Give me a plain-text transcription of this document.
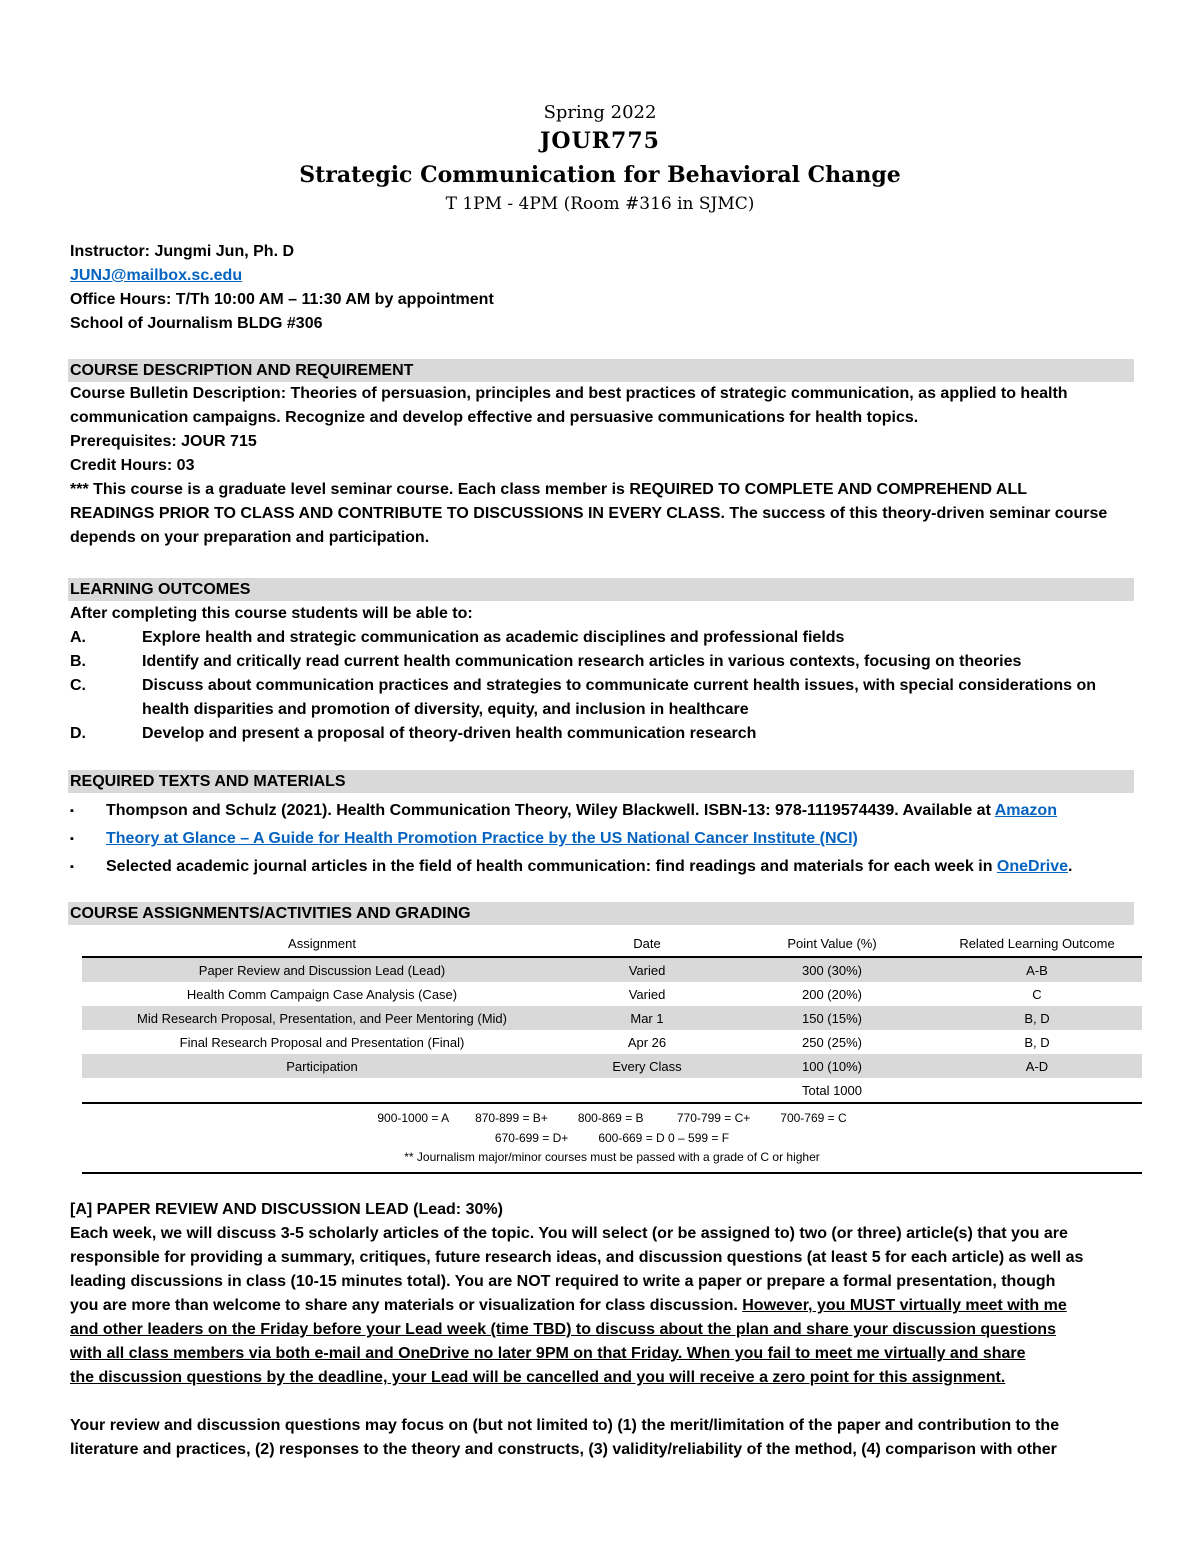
Spring 2022
JOUR775
Strategic Communication for Behavioral Change
T 1PM - 4PM (Room #316 in SJMC)
Instructor: Jungmi Jun, Ph. D
JUNJ@mailbox.sc.edu
Office Hours: T/Th 10:00 AM – 11:30 AM by appointment
School of Journalism BLDG #306
COURSE DESCRIPTION AND REQUIREMENT
Course Bulletin Description: Theories of persuasion, principles and best practices of strategic communication, as applied to health
communication campaigns. Recognize and develop effective and persuasive communications for health topics.
Prerequisites: JOUR 715
Credit Hours: 03
*** This course is a graduate level seminar course. Each class member is REQUIRED TO COMPLETE AND COMPREHEND ALL
READINGS PRIOR TO CLASS AND CONTRIBUTE TO DISCUSSIONS IN EVERY CLASS. The success of this theory-driven seminar course
depends on your preparation and participation.
LEARNING OUTCOMES
After completing this course students will be able to:
A.	Explore health and strategic communication as academic disciplines and professional fields
B.	Identify and critically read current health communication research articles in various contexts, focusing on theories
C.	Discuss about communication practices and strategies to communicate current health issues, with special considerations on
health disparities and promotion of diversity, equity, and inclusion in healthcare
D.	Develop and present a proposal of theory-driven health communication research
REQUIRED TEXTS AND MATERIALS
▪	Thompson and Schulz (2021). Health Communication Theory, Wiley Blackwell. ISBN-13: 978-1119574439. Available at Amazon
▪	Theory at Glance – A Guide for Health Promotion Practice by the US National Cancer Institute (NCI)
▪	Selected academic journal articles in the field of health communication: find readings and materials for each week in OneDrive.
COURSE ASSIGNMENTS/ACTIVITIES AND GRADING
Assignment	Date	Point Value (%)	Related Learning Outcome
Paper Review and Discussion Lead (Lead)	Varied	300 (30%)	A-B
Health Comm Campaign Case Analysis (Case)	Varied	200 (20%)	C
Mid Research Proposal, Presentation, and Peer Mentoring (Mid)	Mar 1	150 (15%)	B, D
Final Research Proposal and Presentation (Final)	Apr 26	250 (25%)	B, D
Participation	Every Class	100 (10%)	A-D
		Total 1000	
900-1000 = A        870-899 = B+         800-869 = B          770-799 = C+         700-769 = C
670-699 = D+         600-669 = D 0 – 599 = F
** Journalism major/minor courses must be passed with a grade of C or higher
[A] PAPER REVIEW AND DISCUSSION LEAD (Lead: 30%)
Each week, we will discuss 3-5 scholarly articles of the topic. You will select (or be assigned to) two (or three) article(s) that you are
responsible for providing a summary, critiques, future research ideas, and discussion questions (at least 5 for each article) as well as
leading discussions in class (10-15 minutes total). You are NOT required to write a paper or prepare a formal presentation, though
you are more than welcome to share any materials or visualization for class discussion. However, you MUST virtually meet with me
and other leaders on the Friday before your Lead week (time TBD) to discuss about the plan and share your discussion questions
with all class members via both e-mail and OneDrive no later 9PM on that Friday. When you fail to meet me virtually and share
the discussion questions by the deadline, your Lead will be cancelled and you will receive a zero point for this assignment.
Your review and discussion questions may focus on (but not limited to) (1) the merit/limitation of the paper and contribution to the
literature and practices, (2) responses to the theory and constructs, (3) validity/reliability of the method, (4) comparison with other
